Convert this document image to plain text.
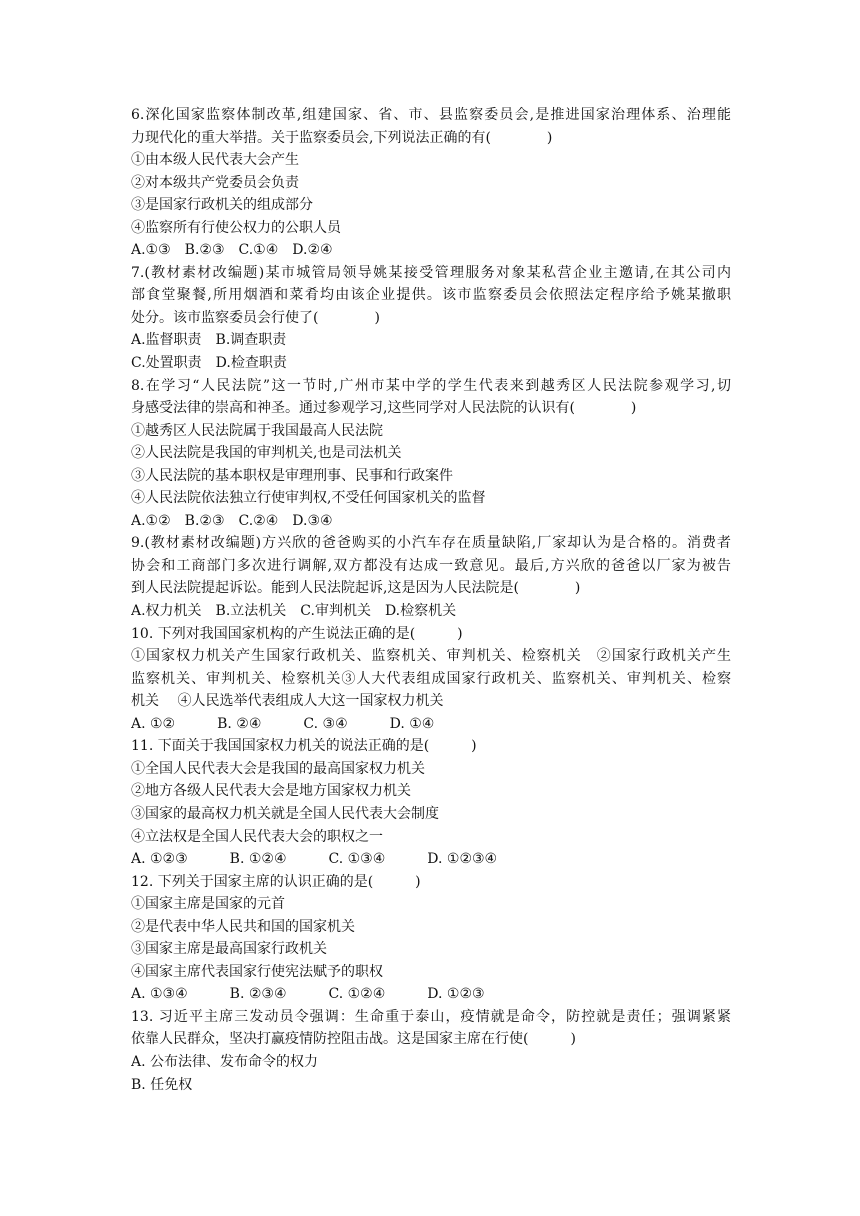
6.深化国家监察体制改革,组建国家、省、市、县监察委员会,是推进国家治理体系、治理能
力现代化的重大举措。关于监察委员会,下列说法正确的有(　　　　)
①由本级人民代表大会产生
②对本级共产党委员会负责
③是国家行政机关的组成部分
④监察所有行使公权力的公职人员
A.①③　B.②③　C.①④　D.②④
7.(教材素材改编题)某市城管局领导姚某接受管理服务对象某私营企业主邀请,在其公司内
部食堂聚餐,所用烟酒和菜肴均由该企业提供。该市监察委员会依照法定程序给予姚某撤职
处分。该市监察委员会行使了(　　　　)
A.监督职责　B.调查职责
C.处置职责　D.检查职责
8.在学习“人民法院”这一节时,广州市某中学的学生代表来到越秀区人民法院参观学习,切
身感受法律的崇高和神圣。通过参观学习,这些同学对人民法院的认识有(　　　　)
①越秀区人民法院属于我国最高人民法院
②人民法院是我国的审判机关,也是司法机关
③人民法院的基本职权是审理刑事、民事和行政案件
④人民法院依法独立行使审判权,不受任何国家机关的监督
A.①②　B.②③　C.②④　D.③④
9.(教材素材改编题)方兴欣的爸爸购买的小汽车存在质量缺陷,厂家却认为是合格的。消费者
协会和工商部门多次进行调解,双方都没有达成一致意见。最后,方兴欣的爸爸以厂家为被告
到人民法院提起诉讼。能到人民法院起诉,这是因为人民法院是(　　　　)
A.权力机关　B.立法机关　C.审判机关　D.检察机关
10. 下列对我国国家机构的产生说法正确的是(　　　)
①国家权力机关产生国家行政机关、监察机关、审判机关、检察机关　②国家行政机关产生
监察机关、审判机关、检察机关③人大代表组成国家行政机关、监察机关、审判机关、检察
机关　 ④人民选举代表组成人大这一国家权力机关
A. ①②　　　B. ②④　　　C. ③④　　　D. ①④
11. 下面关于我国国家权力机关的说法正确的是(　　　)
①全国人民代表大会是我国的最高国家权力机关
②地方各级人民代表大会是地方国家权力机关
③国家的最高权力机关就是全国人民代表大会制度
④立法权是全国人民代表大会的职权之一
A. ①②③　　　B. ①②④　　　C. ①③④　　　D. ①②③④
12. 下列关于国家主席的认识正确的是(　　　)
①国家主席是国家的元首
②是代表中华人民共和国的国家机关
③国家主席是最高国家行政机关
④国家主席代表国家行使宪法赋予的职权
A. ①③④　　　B. ②③④　　　C. ①②④　　　D. ①②③
13. 习近平主席三发动员令强调：生命重于泰山，疫情就是命令，防控就是责任；强调紧紧
依靠人民群众，坚决打赢疫情防控阻击战。这是国家主席在行使(　　　)
A. 公布法律、发布命令的权力
B. 任免权
